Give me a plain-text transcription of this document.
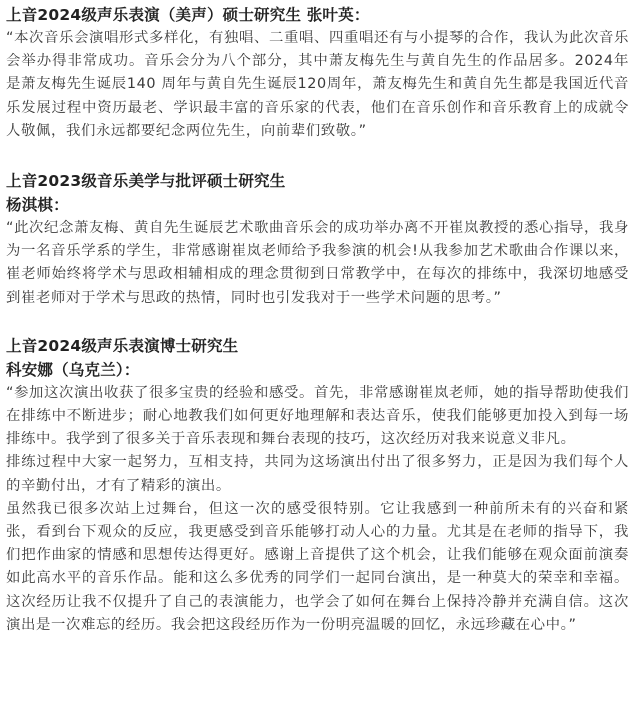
上音2024级声乐表演（美声）硕士研究生 张叶英：

“本次音乐会演唱形式多样化，有独唱、二重唱、四重唱还有与小提琴的合作，我认为此次音乐会举办得非常成功。音乐会分为八个部分，其中萧友梅先生与黄自先生的作品居多。2024年是萧友梅先生诞辰140 周年与黄自先生诞辰120周年，萧友梅先生和黄自先生都是我国近代音乐发展过程中资历最老、学识最丰富的音乐家的代表，他们在音乐创作和音乐教育上的成就令人敬佩，我们永远都要纪念两位先生，向前辈们致敬。”

上音2023级音乐美学与批评硕士研究生

杨淇棋：

“此次纪念萧友梅、黄自先生诞辰艺术歌曲音乐会的成功举办离不开崔岚教授的悉心指导，我身为一名音乐学系的学生，非常感谢崔岚老师给予我参演的机会!从我参加艺术歌曲合作课以来，崔老师始终将学术与思政相辅相成的理念贯彻到日常教学中，在每次的排练中，我深切地感受到崔老师对于学术与思政的热情，同时也引发我对于一些学术问题的思考。”

上音2024级声乐表演博士研究生

科安娜（乌克兰）：

“参加这次演出收获了很多宝贵的经验和感受。首先，非常感谢崔岚老师，她的指导帮助使我们在排练中不断进步；耐心地教我们如何更好地理解和表达音乐，使我们能够更加投入到每一场排练中。我学到了很多关于音乐表现和舞台表现的技巧，这次经历对我来说意义非凡。

排练过程中大家一起努力，互相支持，共同为这场演出付出了很多努力，正是因为我们每个人的辛勤付出，才有了精彩的演出。

虽然我已很多次站上过舞台，但这一次的感受很特别。它让我感到一种前所未有的兴奋和紧张，看到台下观众的反应，我更感受到音乐能够打动人心的力量。尤其是在老师的指导下，我们把作曲家的情感和思想传达得更好。感谢上音提供了这个机会，让我们能够在观众面前演奏如此高水平的音乐作品。能和这么多优秀的同学们一起同台演出，是一种莫大的荣幸和幸福。这次经历让我不仅提升了自己的表演能力，也学会了如何在舞台上保持冷静并充满自信。这次演出是一次难忘的经历。我会把这段经历作为一份明亮温暖的回忆，永远珍藏在心中。”
